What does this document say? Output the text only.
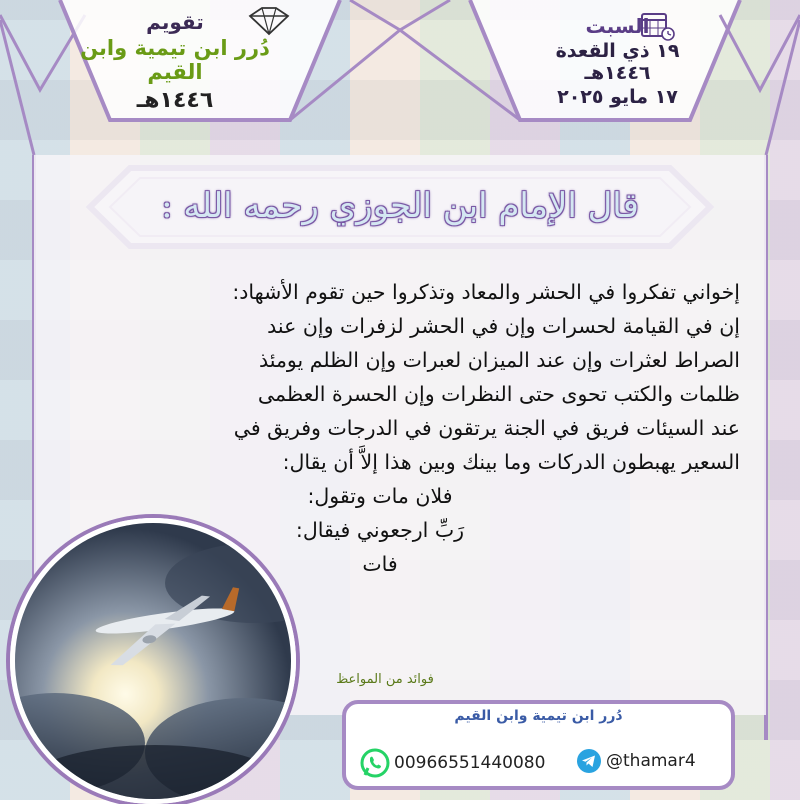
السبت
١٩ ذي القعدة ١٤٤٦هـ
١٧ مايو ٢٠٢٥
تقويم
دُرر ابن تيمية وابن القيم
١٤٤٦هـ
قال الإمام ابن الجوزي رحمه الله :
إخواني تفكروا في الحشر والمعاد وتذكروا حين تقوم الأشهاد:
إن في القيامة لحسرات وإن في الحشر لزفرات وإن عند
الصراط لعثرات وإن عند الميزان لعبرات وإن الظلم يومئذ
ظلمات والكتب تحوى حتى النظرات وإن الحسرة العظمى
عند السيئات فريق في الجنة يرتقون في الدرجات وفريق في
السعير يهبطون الدركات وما بينك وبين هذا إلاَّ أن يقال:
فلان مات وتقول:
رَبِّ ارجعوني فيقال:
فات
فوائد من المواعظ
دُرر ابن تيمية وابن القيم
00966551440080	@thamar4
